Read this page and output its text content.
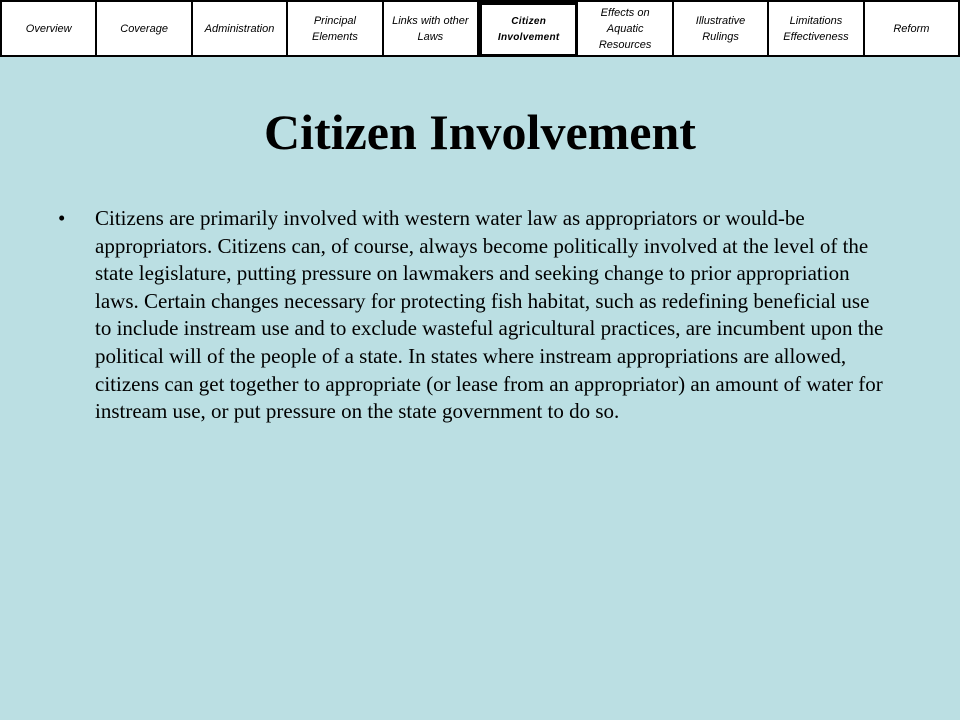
Overview	Coverage	Administration
Principal
Elements
Links with other
Laws
Citizen
Involvement
Effects on
Aquatic
Resources
Illustrative
Rulings
Limitations
Effectiveness
Reform
Citizen Involvement
• Citizens are primarily involved with western water law as appropriators or would-be appropriators. Citizens can, of course, always become politically involved at the level of the state legislature, putting pressure on lawmakers and seeking change to prior appropriation laws. Certain changes necessary for protecting fish habitat, such as redefining beneficial use to include instream use and to exclude wasteful agricultural practices, are incumbent upon the political will of the people of a state. In states where instream appropriations are allowed, citizens can get together to appropriate (or lease from an appropriator) an amount of water for instream use, or put pressure on the state government to do so.
